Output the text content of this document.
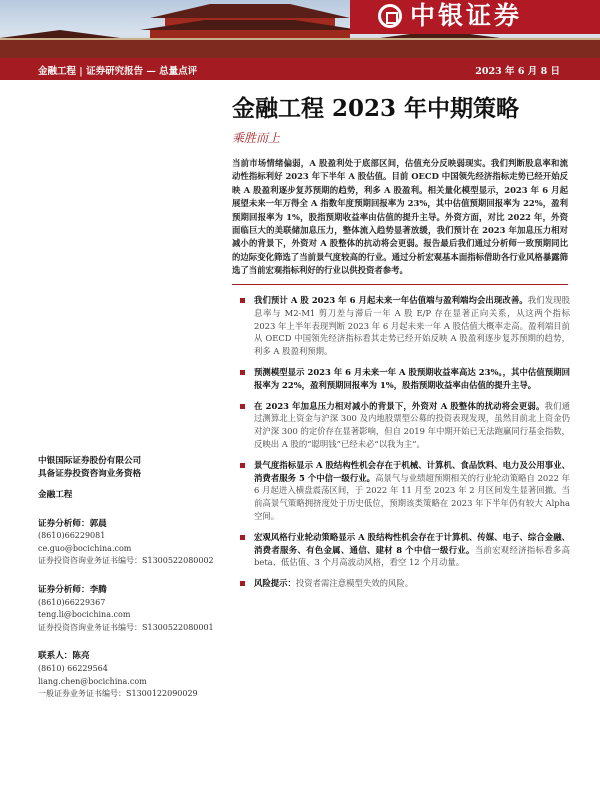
中银证券
金融工程 | 证券研究报告 — 总量点评	2023 年 6 月 8 日
金融工程 2023 年中期策略
乘胜而上
当前市场情绪偏弱，A 股盈利处于底部区间，估值充分反映弱现实。我们判断股息率和流动性指标利好 2023 年下半年 A 股估值。目前 OECD 中国领先经济指标走势已经开始反映 A 股盈利逐步复苏预期的趋势，利多 A 股盈利。相关量化模型显示，2023 年 6 月起展望未来一年万得全 A 指数年度预期回报率为 23%，其中估值预期回报率为 22%，盈利预期回报率为 1%，股指预期收益率由估值的提升主导。外资方面，对比 2022 年，外资面临巨大的美联储加息压力，整体流入趋势显著放缓，我们预计在 2023 年加息压力相对减小的背景下，外资对 A 股整体的抗动将会更弱。报告最后我们通过分析师一致预期同比的边际变化筛选了当前景气度较高的行业。通过分析宏观基本面指标借助各行业风格暴露筛选了当前宏观指标利好的行业以供投资者参考。
我们预计 A 股 2023 年 6 月起未来一年估值端与盈利端均会出现改善。我们发现股息率与 M2-M1 剪刀差与滞后一年 A 股 E/P 存在显著正向关系，从这两个指标 2023 年上半年表现判断 2023 年 6 月起未来一年 A 股估值大概率走高。盈利端目前从 OECD 中国领先经济指标看其走势已经开始反映 A 股盈利逐步复苏预期的趋势，利多 A 股盈利预期。
预测模型显示 2023 年 6 月未来一年 A 股预期收益率高达 23%。，其中估值预期回报率为 22%，盈利预期回报率为 1%，股指预期收益率由估值的提升主导。
在 2023 年加息压力相对减小的背景下，外资对 A 股整体的扰动将会更弱。我们通过测算北上资金与沪深 300 及内地股票型公募的投资表现发现，虽然目前北上资金仍对沪深 300 的定价存在显著影响，但自 2019 年中期开始已无法跑赢同行基金指数，反映出 A 股的“聪明钱”已经未必“以我为主”。
景气度指标显示 A 股结构性机会存在于机械、计算机、食品饮料、电力及公用事业、消费者服务 5 个中信一级行业。高景气与业绩超预期相关的行业轮动策略自 2022 年 6 月起进入横盘震荡区间，于 2022 年 11 月至 2023 年 2 月区间发生显著回撤。当前高景气策略拥挤度处于历史低位，预期该类策略在 2023 年下半年仍有较大 Alpha 空间。
宏观风格行业轮动策略显示 A 股结构性机会存在于计算机、传媒、电子、综合金融、消费者服务、有色金属、通信、建材 8 个中信一级行业。当前宏观经济指标看多高 beta、低估值、3 个月高波动风格，看空 12 个月动量。
风险提示：投资者需注意模型失效的风险。
中银国际证券股份有限公司
具备证券投资咨询业务资格
金融工程
证券分析师：郭晨
(8610)66229081
ce.guo@bocichina.com
证券投资咨询业务证书编号：S1300522080002
证券分析师：李腾
(8610)66229367
teng.li@bocichina.com
证券投资咨询业务证书编号：S1300522080001
联系人：陈亮
(8610) 66229564
liang.chen@bocichina.com
一般证券业务证书编号：S1300122090029
